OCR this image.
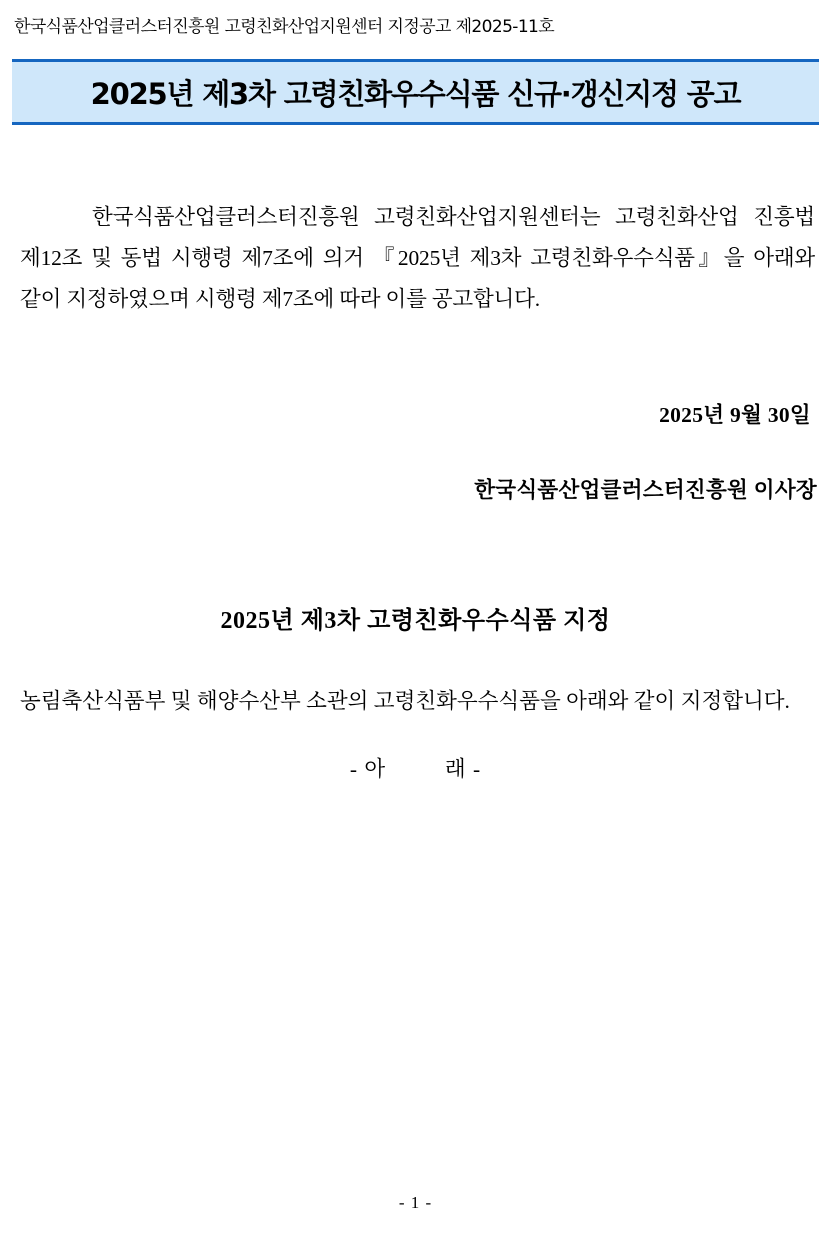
한국식품산업클러스터진흥원 고령친화산업지원센터 지정공고 제2025-11호
2025년 제3차 고령친화우수식품 신규·갱신지정 공고

한국식품산업클러스터진흥원 고령친화산업지원센터는 고령친화산업 진흥법 제12조 및 동법 시행령 제7조에 의거 『2025년 제3차 고령친화우수식품』을 아래와 같이 지정하였으며 시행령 제7조에 따라 이를 공고합니다.

2025년 9월 30일
한국식품산업클러스터진흥원 이사장
2025년 제3차 고령친화우수식품 지정

농림축산식품부 및 해양수산부 소관의 고령친화우수식품을 아래와 같이 지정합니다.

- 아	래 -
- 1 -
